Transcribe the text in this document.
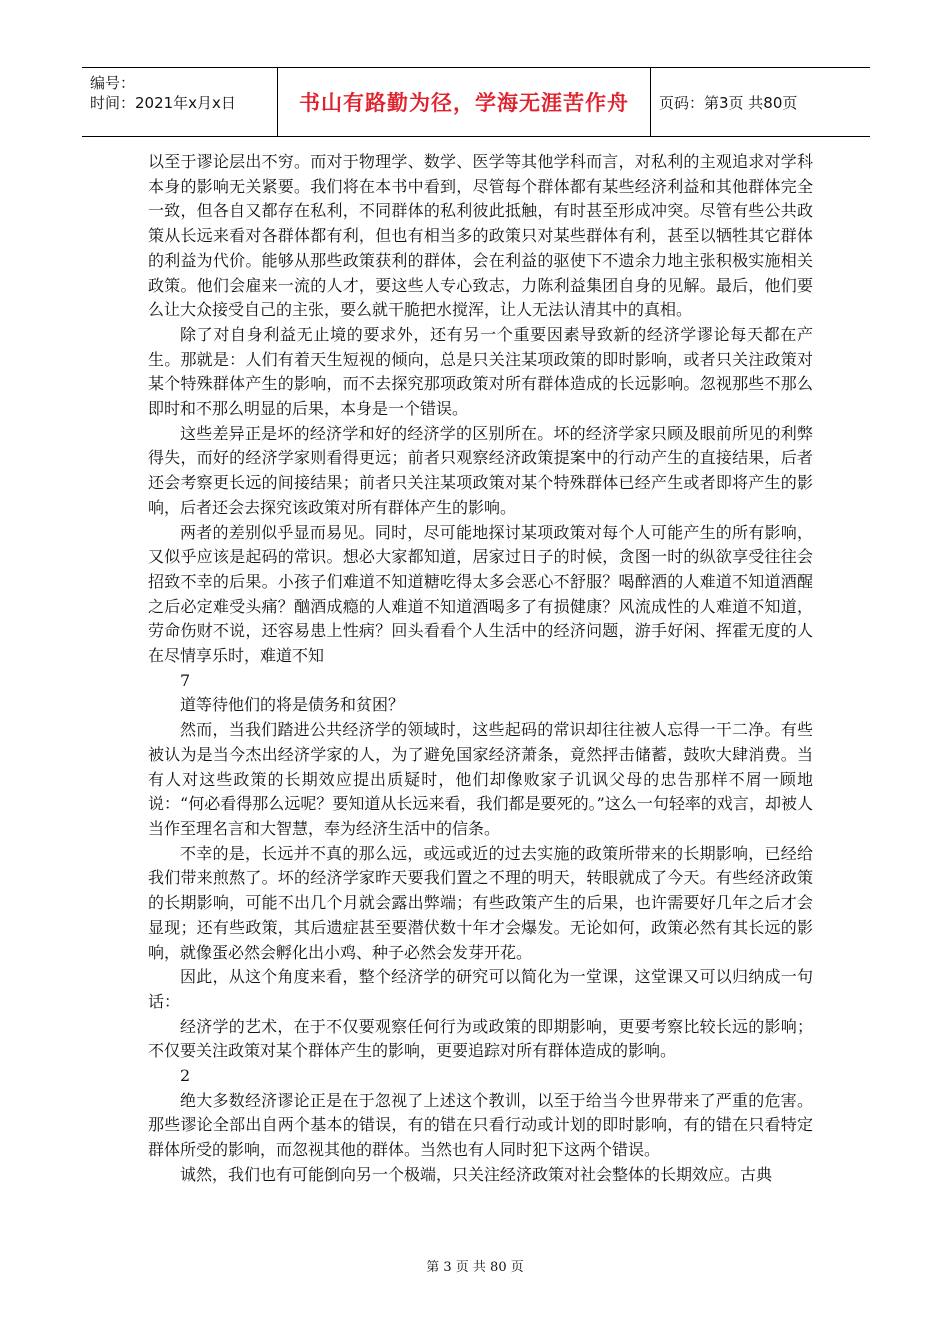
编号：
时间：2021年x月x日	书山有路勤为径，学海无涯苦作舟	页码：第3页 共80页

以至于谬论层出不穷。而对于物理学、数学、医学等其他学科而言，对私利的主观追求对学科本身的影响无关紧要。我们将在本书中看到，尽管每个群体都有某些经济利益和其他群体完全一致，但各自又都存在私利，不同群体的私利彼此抵触，有时甚至形成冲突。尽管有些公共政策从长远来看对各群体都有利，但也有相当多的政策只对某些群体有利，甚至以牺牲其它群体的利益为代价。能够从那些政策获利的群体，会在利益的驱使下不遗余力地主张积极实施相关政策。他们会雇来一流的人才，要这些人专心致志，力陈利益集团自身的见解。最后，他们要么让大众接受自己的主张，要么就干脆把水搅浑，让人无法认清其中的真相。

除了对自身利益无止境的要求外，还有另一个重要因素导致新的经济学谬论每天都在产生。那就是：人们有着天生短视的倾向，总是只关注某项政策的即时影响，或者只关注政策对某个特殊群体产生的影响，而不去探究那项政策对所有群体造成的长远影响。忽视那些不那么即时和不那么明显的后果，本身是一个错误。

这些差异正是坏的经济学和好的经济学的区别所在。坏的经济学家只顾及眼前所见的利弊得失，而好的经济学家则看得更远；前者只观察经济政策提案中的行动产生的直接结果，后者还会考察更长远的间接结果；前者只关注某项政策对某个特殊群体已经产生或者即将产生的影响，后者还会去探究该政策对所有群体产生的影响。

两者的差别似乎显而易见。同时，尽可能地探讨某项政策对每个人可能产生的所有影响，又似乎应该是起码的常识。想必大家都知道，居家过日子的时候，贪图一时的纵欲享受往往会招致不幸的后果。小孩子们难道不知道糖吃得太多会恶心不舒服？喝醉酒的人难道不知道酒醒之后必定难受头痛？酗酒成瘾的人难道不知道酒喝多了有损健康？风流成性的人难道不知道，劳命伤财不说，还容易患上性病？回头看看个人生活中的经济问题，游手好闲、挥霍无度的人在尽情享乐时，难道不知

7

道等待他们的将是债务和贫困？

然而，当我们踏进公共经济学的领域时，这些起码的常识却往往被人忘得一干二净。有些被认为是当今杰出经济学家的人，为了避免国家经济萧条，竟然抨击储蓄，鼓吹大肆消费。当有人对这些政策的长期效应提出质疑时，他们却像败家子讥讽父母的忠告那样不屑一顾地说：“何必看得那么远呢？要知道从长远来看，我们都是要死的。”这么一句轻率的戏言，却被人当作至理名言和大智慧，奉为经济生活中的信条。

不幸的是，长远并不真的那么远，或远或近的过去实施的政策所带来的长期影响，已经给我们带来煎熬了。坏的经济学家昨天要我们置之不理的明天，转眼就成了今天。有些经济政策的长期影响，可能不出几个月就会露出弊端；有些政策产生的后果，也许需要好几年之后才会显现；还有些政策，其后遗症甚至要潜伏数十年才会爆发。无论如何，政策必然有其长远的影响，就像蛋必然会孵化出小鸡、种子必然会发芽开花。

因此，从这个角度来看，整个经济学的研究可以简化为一堂课，这堂课又可以归纳成一句话：

经济学的艺术，在于不仅要观察任何行为或政策的即期影响，更要考察比较长远的影响；不仅要关注政策对某个群体产生的影响，更要追踪对所有群体造成的影响。

2

绝大多数经济谬论正是在于忽视了上述这个教训，以至于给当今世界带来了严重的危害。那些谬论全部出自两个基本的错误，有的错在只看行动或计划的即时影响，有的错在只看特定群体所受的影响，而忽视其他的群体。当然也有人同时犯下这两个错误。

诚然，我们也有可能倒向另一个极端，只关注经济政策对社会整体的长期效应。古典

第 3 页 共 80 页
